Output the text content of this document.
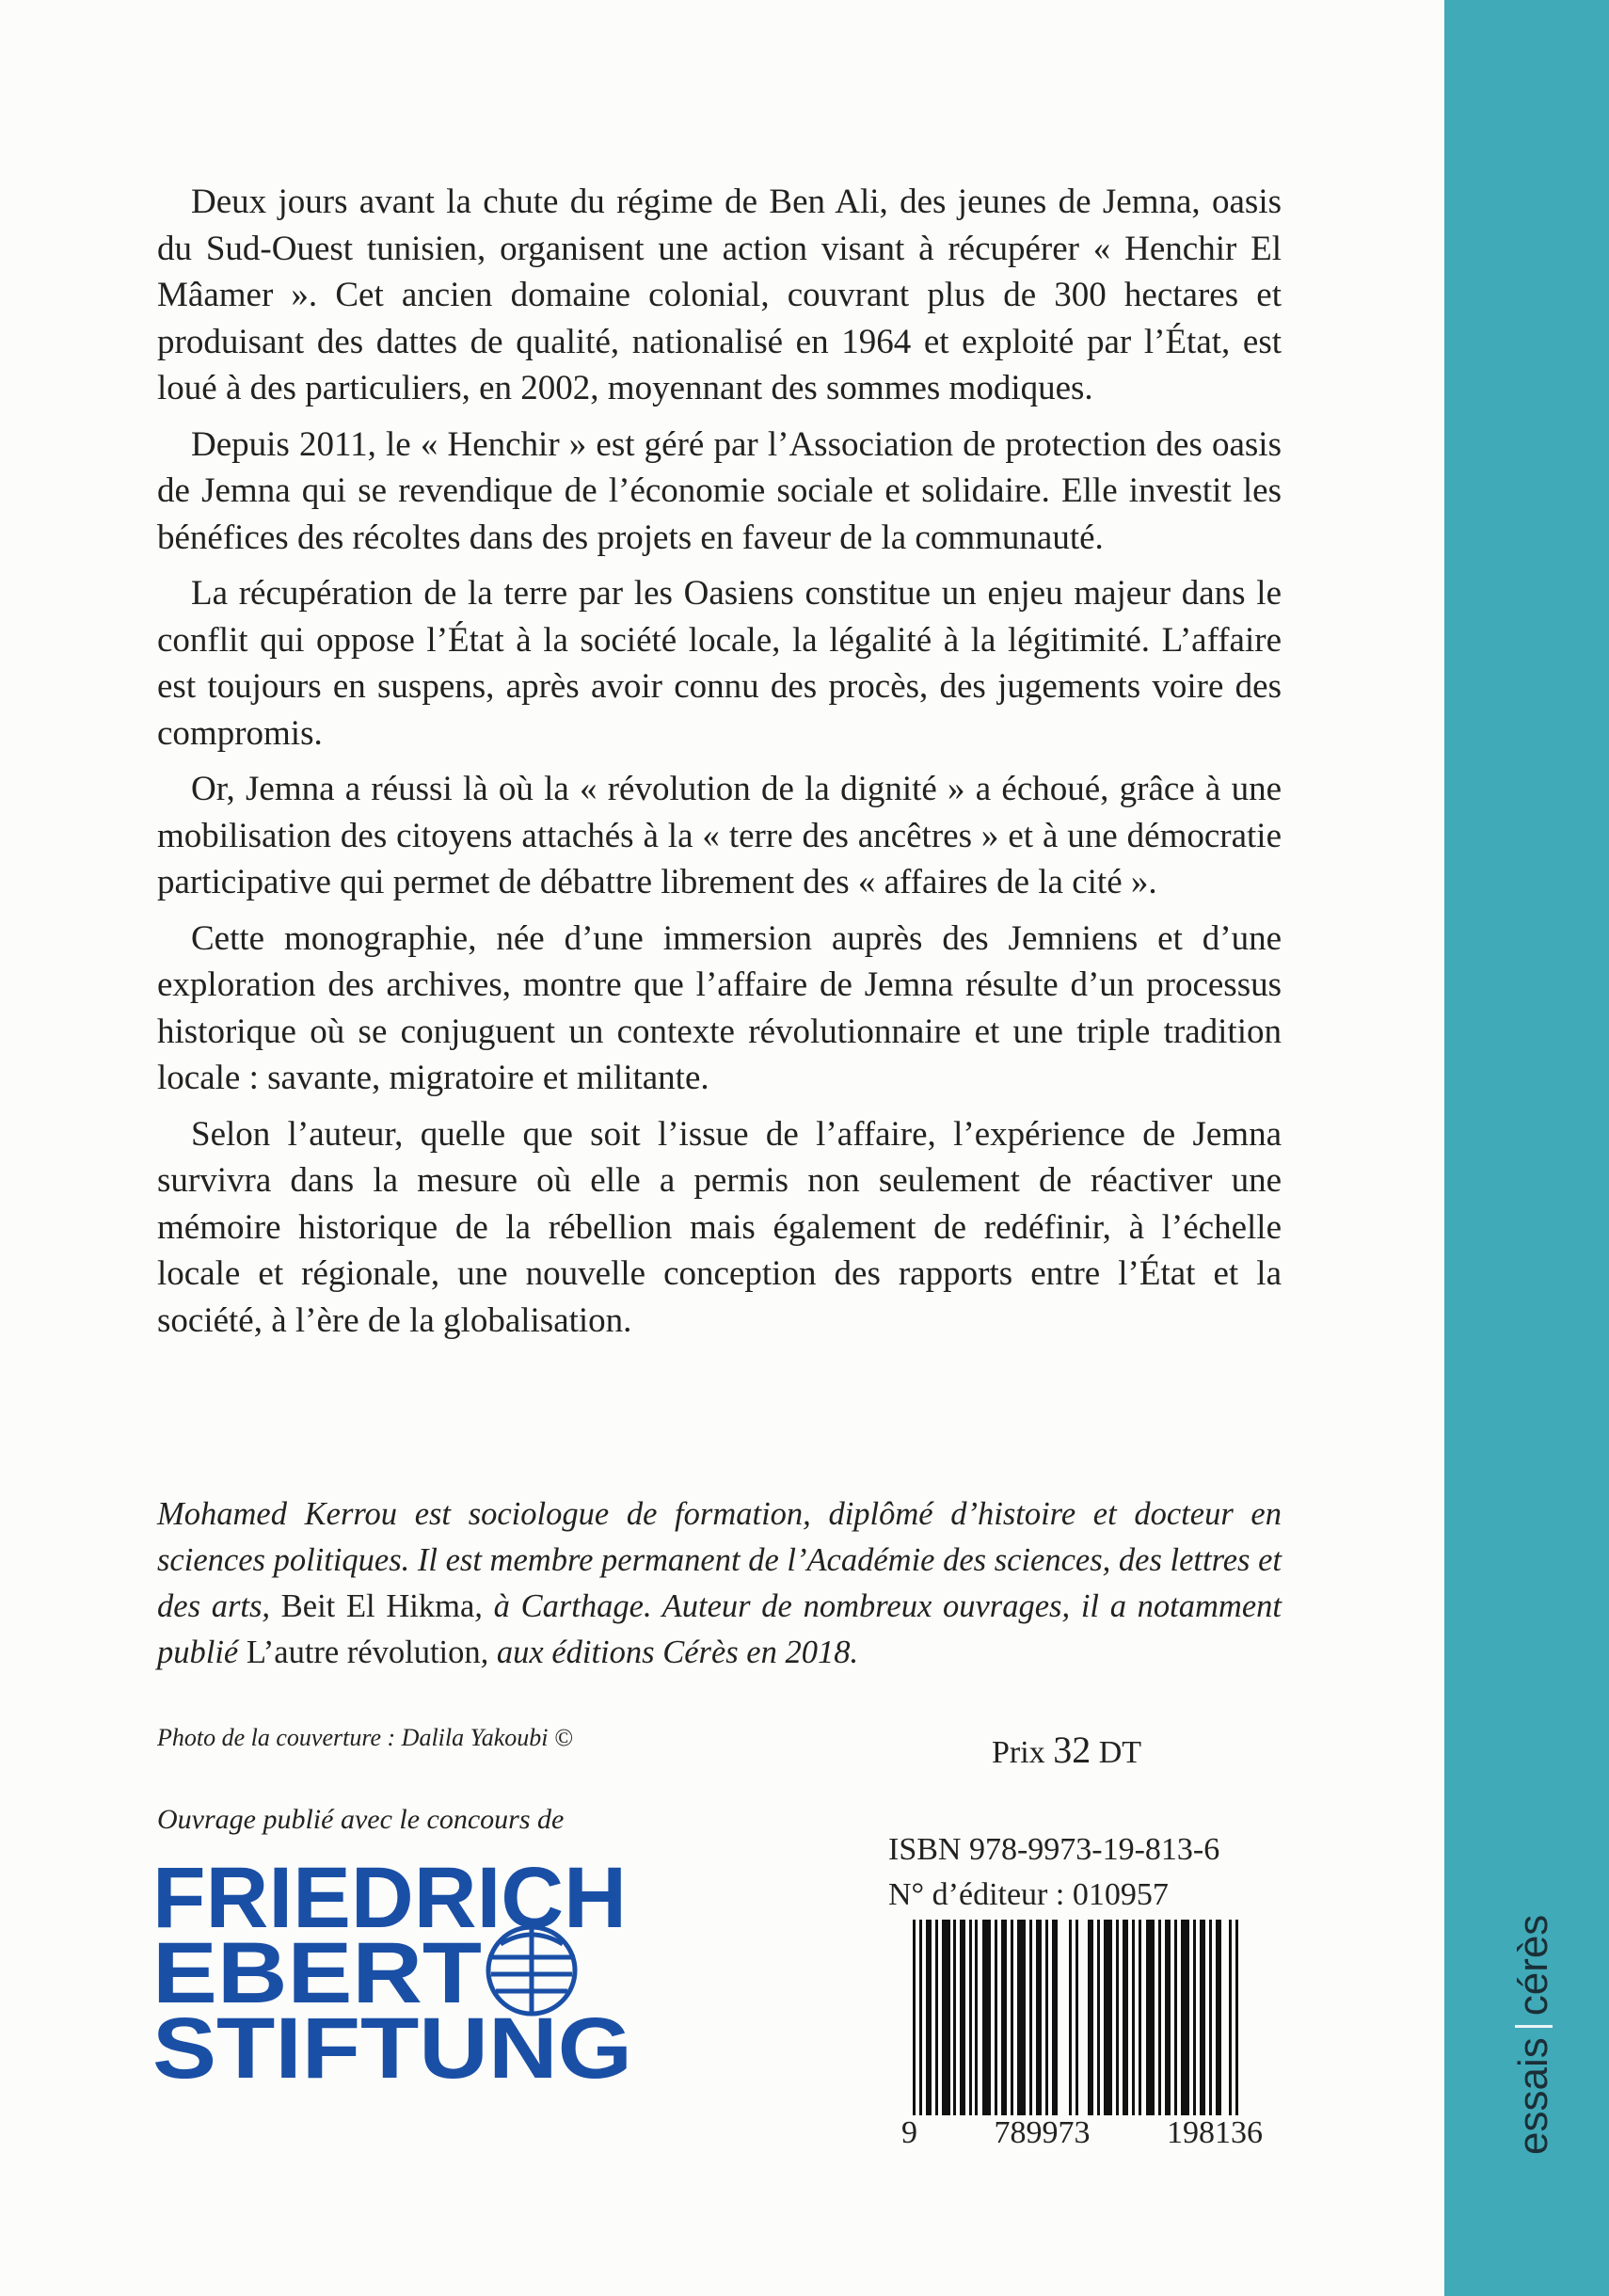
Deux jours avant la chute du régime de Ben Ali, des jeunes de Jemna, oasis du Sud-Ouest tunisien, organisent une action visant à récupérer « Henchir El Mâamer ». Cet ancien domaine colonial, couvrant plus de 300 hectares et produisant des dattes de qualité, nationalisé en 1964 et exploité par l’État, est loué à des particuliers, en 2002, moyennant des sommes modiques.

Depuis 2011, le « Henchir » est géré par l’Association de protection des oasis de Jemna qui se revendique de l’économie sociale et solidaire. Elle investit les bénéfices des récoltes dans des projets en faveur de la communauté.

La récupération de la terre par les Oasiens constitue un enjeu majeur dans le conflit qui oppose l’État à la société locale, la légalité à la légitimité. L’affaire est toujours en suspens, après avoir connu des procès, des jugements voire des compromis.

Or, Jemna a réussi là où la « révolution de la dignité » a échoué, grâce à une mobilisation des citoyens attachés à la « terre des ancêtres » et à une démocratie participative qui permet de débattre librement des « affaires de la cité ».

Cette monographie, née d’une immersion auprès des Jemniens et d’une exploration des archives, montre que l’affaire de Jemna résulte d’un processus historique où se conjuguent un contexte révolutionnaire et une triple tradition locale : savante, migratoire et militante.

Selon l’auteur, quelle que soit l’issue de l’affaire, l’expérience de Jemna survivra dans la mesure où elle a permis non seulement de réactiver une mémoire historique de la rébellion mais également de redéfinir, à l’échelle locale et régionale, une nouvelle conception des rapports entre l’État et la société, à l’ère de la globalisation.

Mohamed Kerrou est sociologue de formation, diplômé d’histoire et docteur en sciences politiques. Il est membre permanent de l’Académie des sciences, des lettres et des arts, Beit El Hikma, à Carthage. Auteur de nombreux ouvrages, il a notamment publié L’autre révolution, aux éditions Cérès en 2018.

Photo de la couverture : Dalila Yakoubi ©	Prix 32 DT
Ouvrage publié avec le concours de
FRIEDRICH
EBERT
STIFTUNG
ISBN 978-9973-19-813-6
N° d’éditeur : 010957
9 789973 198136	essaiscérès
